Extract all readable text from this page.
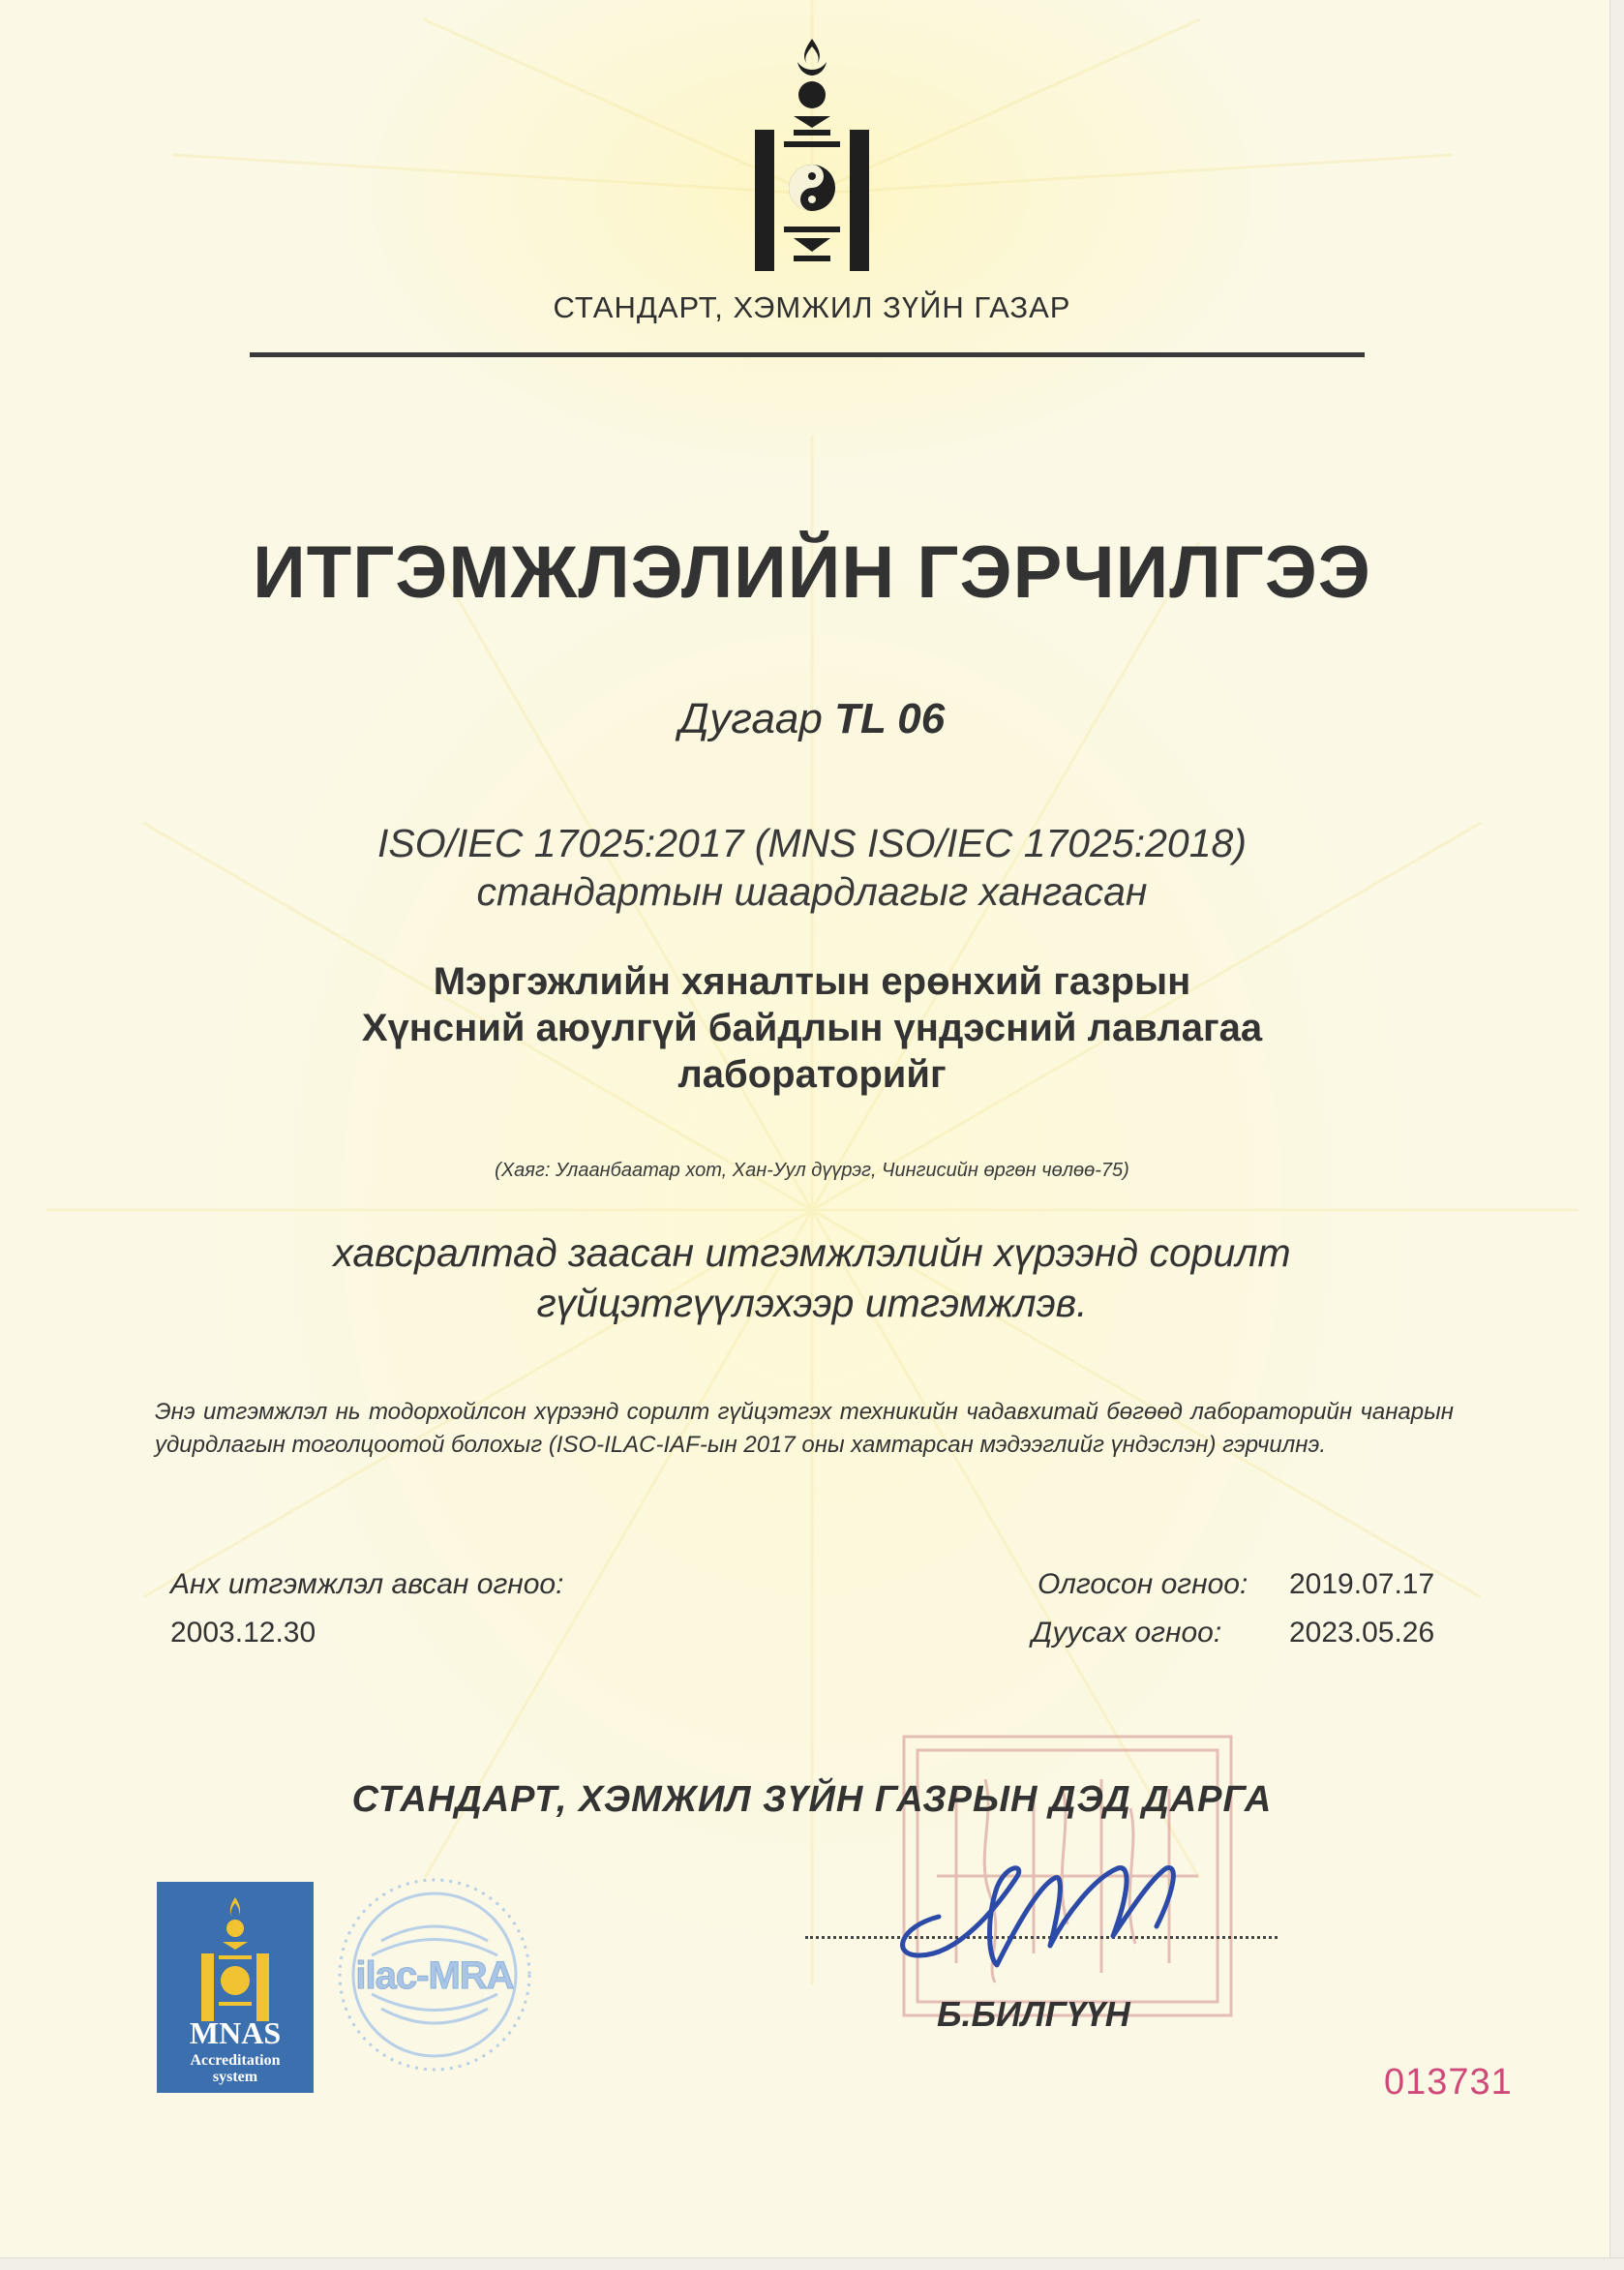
СТАНДАРТ, ХЭМЖИЛ ЗҮЙН ГАЗАР
ИТГЭМЖЛЭЛИЙН ГЭРЧИЛГЭЭ
Дугаар TL 06
ISO/IEC 17025:2017 (MNS ISO/IEC 17025:2018)
стандартын шаардлагыг хангасан
Мэргэжлийн хяналтын ерөнхий газрын
Хүнсний аюулгүй байдлын үндэсний лавлагаа
лабораторийг
(Хаяг: Улаанбаатар хот, Хан-Уул дүүрэг, Чингисийн өргөн чөлөө-75)
хавсралтад заасан итгэмжлэлийн хүрээнд сорилт
гүйцэтгүүлэхээр итгэмжлэв.
Энэ итгэмжлэл нь тодорхойлсон хүрээнд сорилт гүйцэтгэх техникийн чадавхитай бөгөөд лабораторийн чанарын удирдлагын тоголцоотой болохыг (ISO-ILAC-IAF-ын 2017 оны хамтарсан мэдээглийг үндэслэн) гэрчилнэ.
Анх итгэмжлэл авсан огноо:
2003.12.30
Олгосон огноо: 2019.07.17
Дуусах огноо: 2023.05.26
СТАНДАРТ, ХЭМЖИЛ ЗҮЙН ГАЗРЫН ДЭД ДАРГА
Б.БИЛГҮҮН
MNAS
Accreditation
system
ilac-MRA
013731
